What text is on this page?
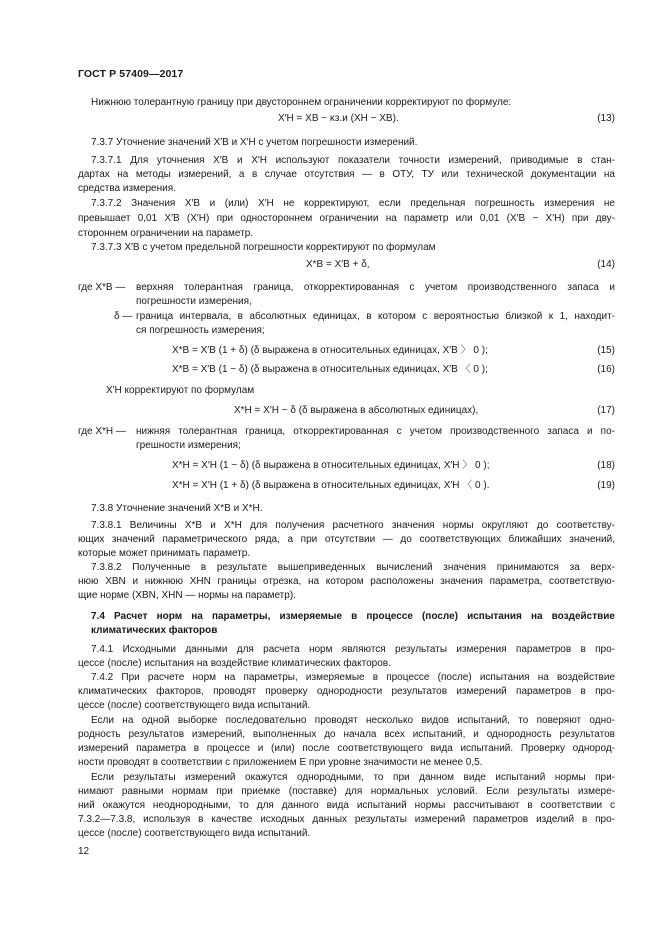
ГОСТ Р 57409—2017
Нижнюю толерантную границу при двустороннем ограничении корректируют по формуле:
X′H = XB − κз.и (XH − XB).	(13)
7.3.7 Уточнение значений X′B и X′H с учетом погрешности измерений.
7.3.7.1 Для уточнения X′B и X′H используют показатели точности измерений, приводимые в стан-
дартах на методы измерений, а в случае отсутствия — в ОТУ, ТУ или технической документации на
средства измерения.
7.3.7.2 Значения X′B и (или) X′H не корректируют, если предельная погрешность измерения не
превышает 0,01 X′B (X′H) при одностороннем ограничении на параметр или 0,01 (X′B − X′H) при дву-
стороннем ограничении на параметр.
7.3.7.3 X′B с учетом предельной погрешности корректируют по формулам
X*B = X′B + δ,	(14)
где X*B — верхняя толерантная граница, откорректированная с учетом производственного запаса и
погрешности измерения,
δ — граница интервала, в абсолютных единицах, в котором с вероятностью близкой к 1, находит-
ся погрешность измерения;
X*B = X′B (1 + δ) (δ выражена в относительных единицах, X′B 〉 0 );	(15)
X*B = X′B (1 − δ) (δ выражена в относительных единицах, X′B 〈 0 );	(16)
X′H корректируют по формулам
X*H = X′H − δ (δ выражена в абсолютных единицах),	(17)
где X*H — нижняя толерантная граница, откорректированная с учетом производственного запаса и по-
грешности измерения;
X*H = X′H (1 − δ) (δ выражена в относительных единицах, X′H 〉 0 );	(18)
X*H = X′H (1 + δ) (δ выражена в относительных единицах, X′H 〈 0 ).	(19)
7.3.8 Уточнение значений X*B и X*H.
7.3.8.1 Величины X*B и X*H для получения расчетного значения нормы округляют до соответству-
ющих значений параметрического ряда, а при отсутствии — до соответствующих ближайших значений,
которые может принимать параметр.
7.3.8.2 Полученные в результате вышеприведенных вычислений значения принимаются за верх-
нюю XBN и нижнюю XHN границы отрезка, на котором расположены значения параметра, соответствую-
щие норме (XBN, XHN — нормы на параметр).
7.4 Расчет норм на параметры, измеряемые в процессе (после) испытания на воздействие
климатических факторов
7.4.1 Исходными данными для расчета норм являются результаты измерения параметров в про-
цессе (после) испытания на воздействие климатических факторов.
7.4.2 При расчете норм на параметры, измеряемые в процессе (после) испытания на воздействие
климатических факторов, проводят проверку однородности результатов измерений параметров в про-
цессе (после) соответствующего вида испытаний.
Если на одной выборке последовательно проводят несколько видов испытаний, то поверяют одно-
родность результатов измерений, выполненных до начала всех испытаний, и однородность результатов
измерений параметра в процессе и (или) после соответствующего вида испытаний. Проверку однород-
ности проводят в соответствии с приложением Е при уровне значимости не менее 0,5.
Если результаты измерений окажутся однородными, то при данном виде испытаний нормы при-
нимают равными нормам при приемке (поставке) для нормальных условий. Если результаты измере-
ний окажутся неоднородными, то для данного вида испытаний нормы рассчитывают в соответствии с
7.3.2—7.3.8, используя в качестве исходных данных результаты измерений параметров изделий в про-
цессе (после) соответствующего вида испытаний.
12
